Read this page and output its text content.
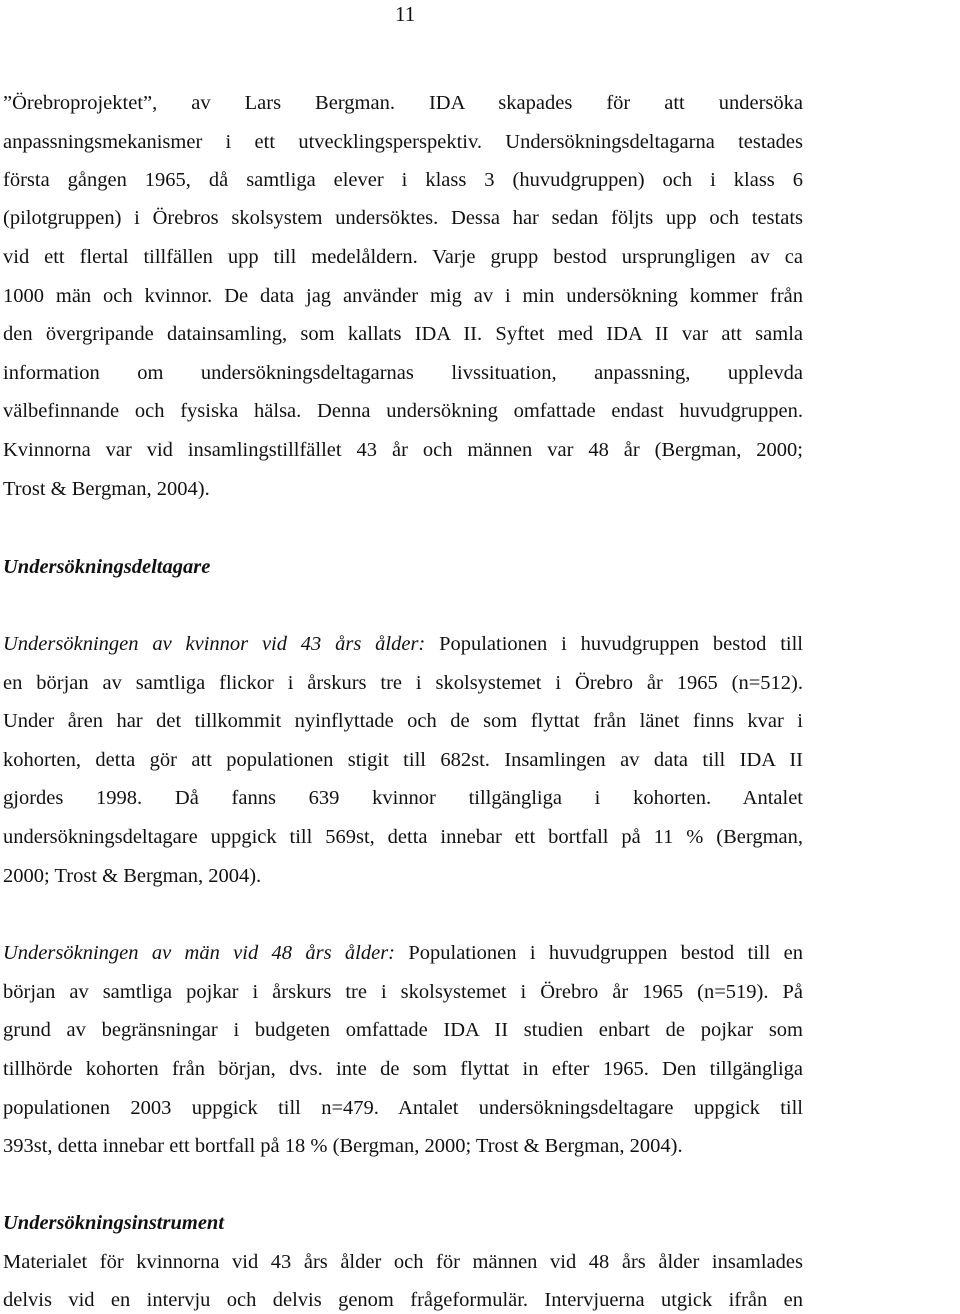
11
”Örebroprojektet”, av Lars Bergman. IDA skapades för att undersöka
anpassningsmekanismer i ett utvecklingsperspektiv. Undersökningsdeltagarna testades
första gången 1965, då samtliga elever i klass 3 (huvudgruppen) och i klass 6
(pilotgruppen) i Örebros skolsystem undersöktes. Dessa har sedan följts upp och testats
vid ett flertal tillfällen upp till medelåldern. Varje grupp bestod ursprungligen av ca
1000 män och kvinnor. De data jag använder mig av i min undersökning kommer från
den övergripande datainsamling, som kallats IDA II. Syftet med IDA II var att samla
information om undersökningsdeltagarnas livssituation, anpassning, upplevda
välbefinnande och fysiska hälsa. Denna undersökning omfattade endast huvudgruppen.
Kvinnorna var vid insamlingstillfället 43 år och männen var 48 år (Bergman, 2000;
Trost & Bergman, 2004).
Undersökningsdeltagare
Undersökningen av kvinnor vid 43 års ålder: Populationen i huvudgruppen bestod till
en början av samtliga flickor i årskurs tre i skolsystemet i Örebro år 1965 (n=512).
Under åren har det tillkommit nyinflyttade och de som flyttat från länet finns kvar i
kohorten, detta gör att populationen stigit till 682st. Insamlingen av data till IDA II
gjordes 1998. Då fanns 639 kvinnor tillgängliga i kohorten. Antalet
undersökningsdeltagare uppgick till 569st, detta innebar ett bortfall på 11 % (Bergman,
2000; Trost & Bergman, 2004).
Undersökningen av män vid 48 års ålder: Populationen i huvudgruppen bestod till en
början av samtliga pojkar i årskurs tre i skolsystemet i Örebro år 1965 (n=519). På
grund av begränsningar i budgeten omfattade IDA II studien enbart de pojkar som
tillhörde kohorten från början, dvs. inte de som flyttat in efter 1965. Den tillgängliga
populationen 2003 uppgick till n=479. Antalet undersökningsdeltagare uppgick till
393st, detta innebar ett bortfall på 18 % (Bergman, 2000; Trost & Bergman, 2004).
Undersökningsinstrument
Materialet för kvinnorna vid 43 års ålder och för männen vid 48 års ålder insamlades
delvis vid en intervju och delvis genom frågeformulär. Intervjuerna utgick ifrån en
